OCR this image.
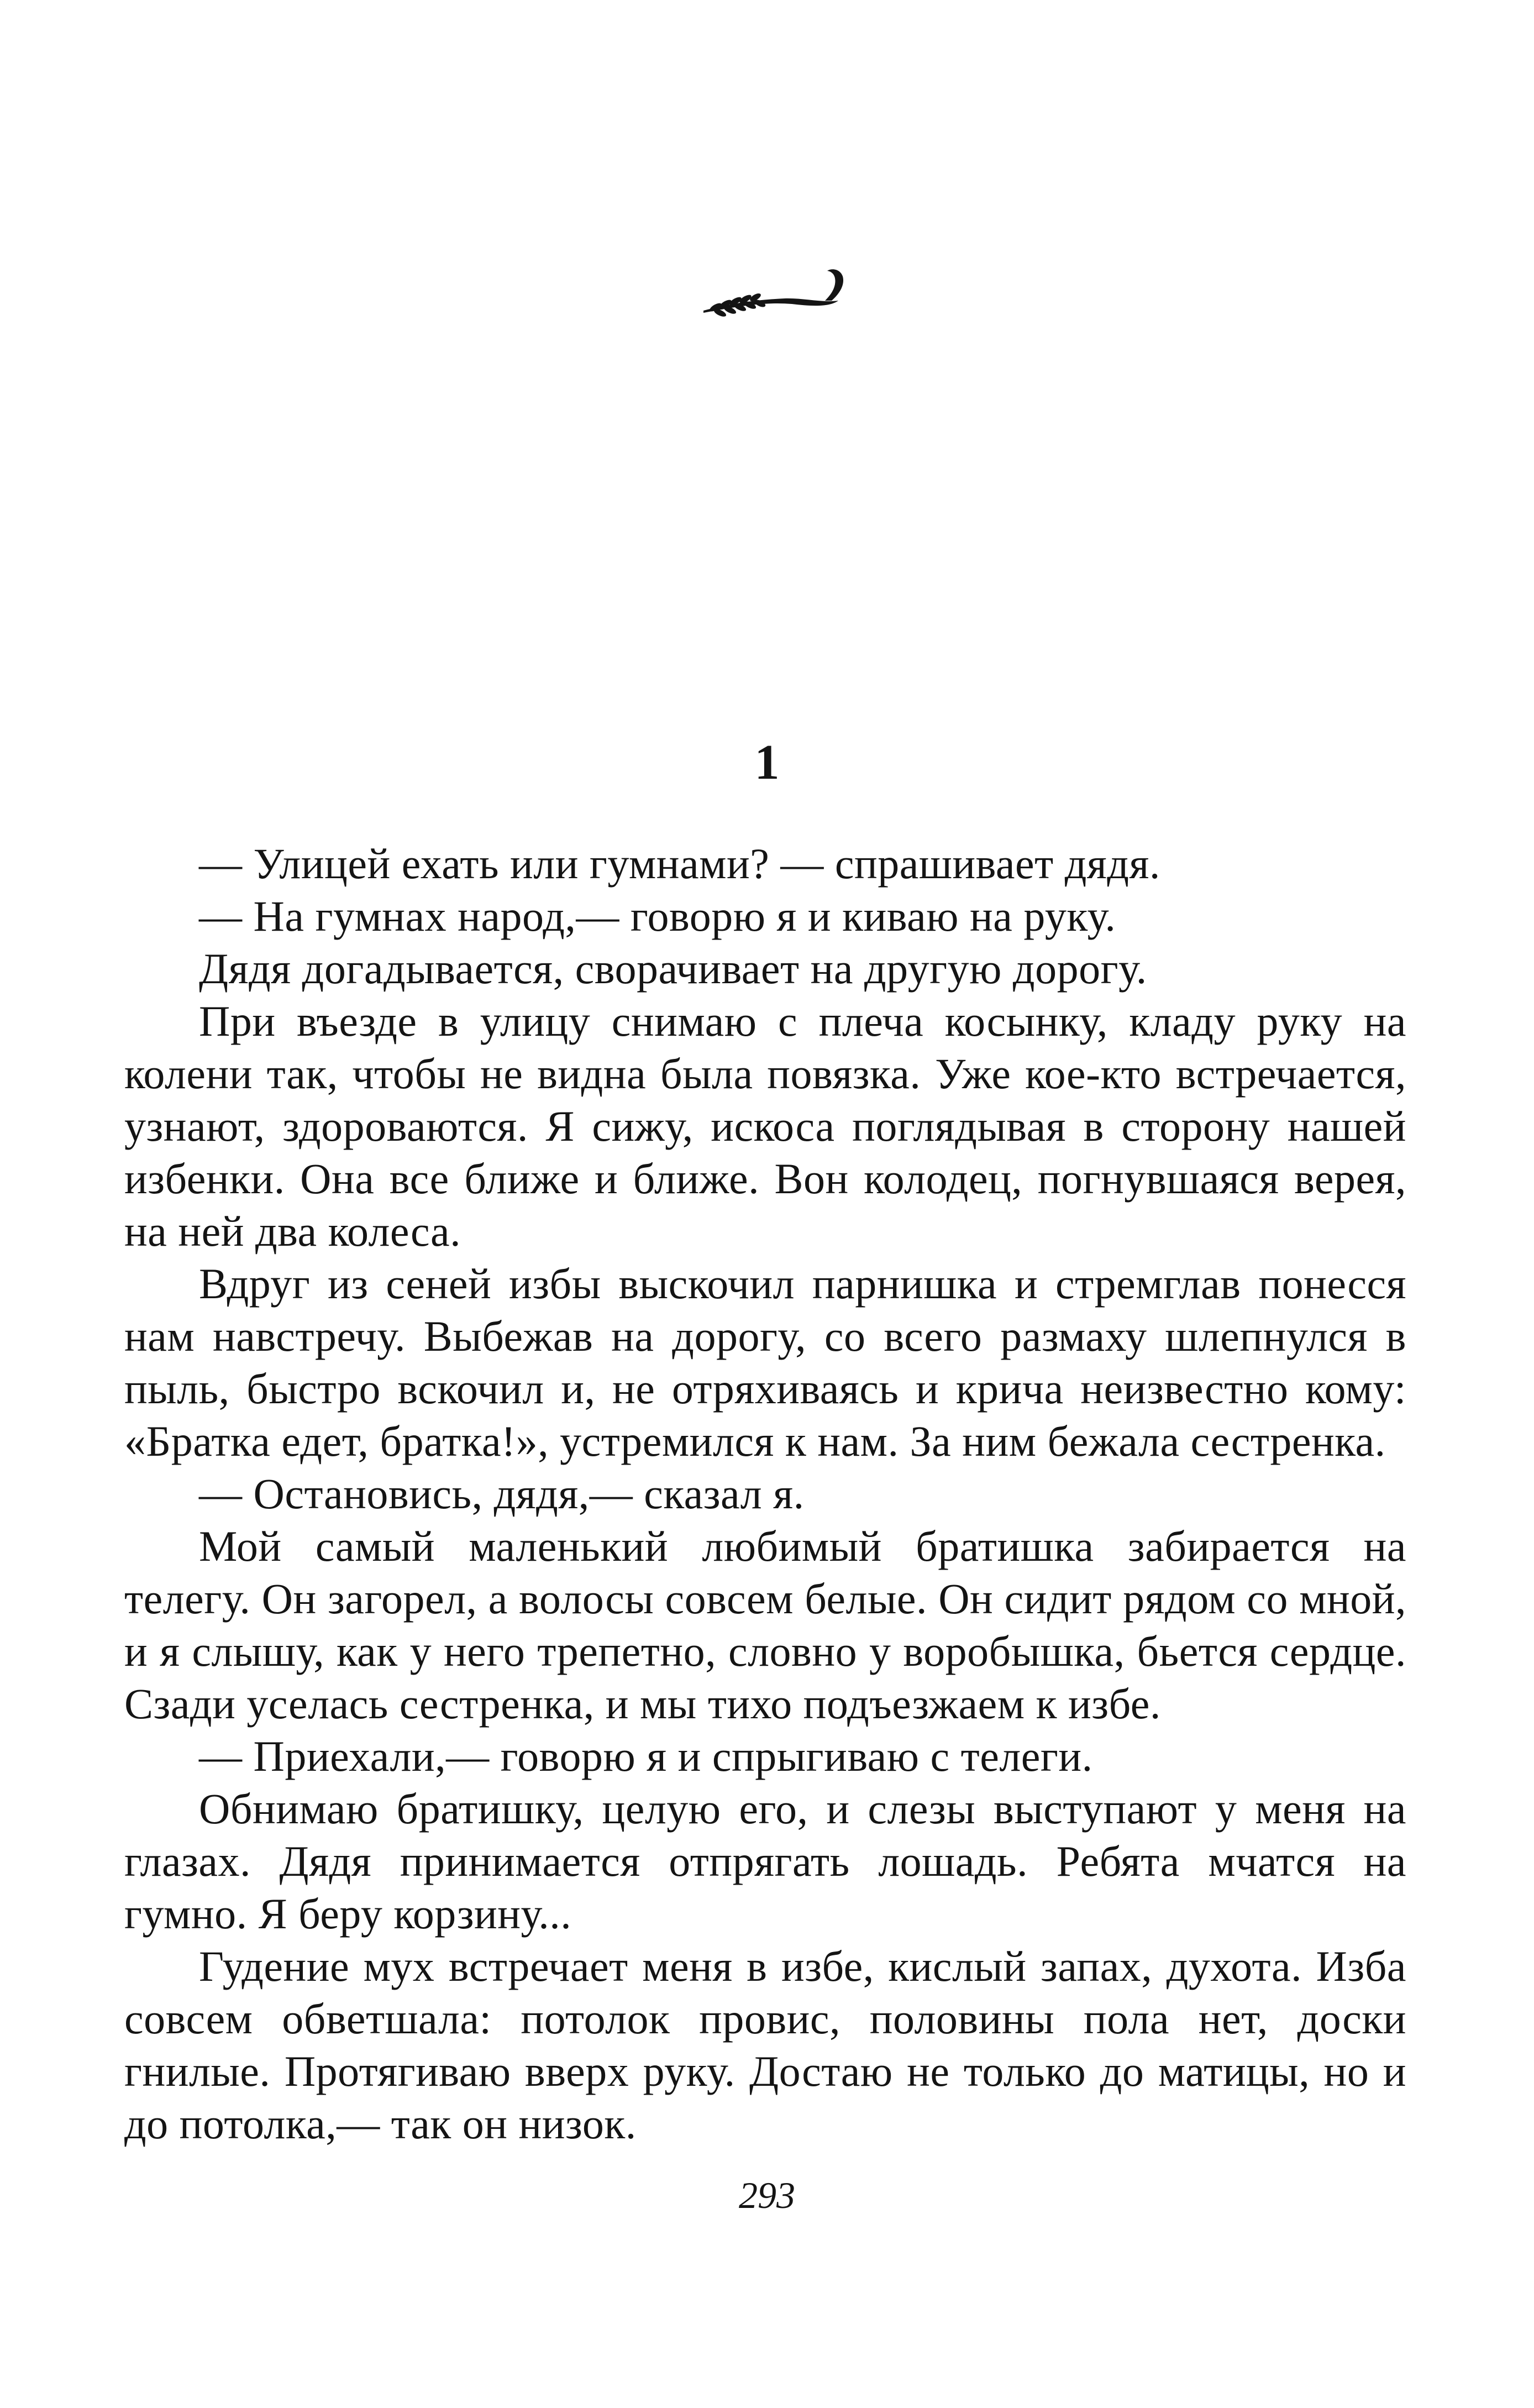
1

— Улицей ехать или гумнами? — спрашивает дядя.

— На гумнах народ,— говорю я и киваю на руку.

Дядя догадывается, сворачивает на другую дорогу.

При въезде в улицу снимаю с плеча косынку, кладу руку на колени так, чтобы не видна была повязка. Уже кое-кто встречается, узнают, здороваются. Я сижу, искоса поглядывая в сторону нашей избенки. Она все ближе и ближе. Вон колодец, погнувшаяся верея, на ней два колеса.

Вдруг из сеней избы выскочил парнишка и стремглав понесся нам навстречу. Выбежав на дорогу, со всего размаху шлепнулся в пыль, быстро вскочил и, не отряхиваясь и крича неизвестно кому: «Братка едет, братка!», устремился к нам. За ним бежала сестренка.

— Остановись, дядя,— сказал я.

Мой самый маленький любимый братишка забирается на телегу. Он загорел, а волосы совсем белые. Он сидит рядом со мной, и я слышу, как у него трепетно, словно у воробышка, бьется сердце. Сзади уселась сестренка, и мы тихо подъезжаем к избе.

— Приехали,— говорю я и спрыгиваю с телеги.

Обнимаю братишку, целую его, и слезы выступают у меня на глазах. Дядя принимается отпрягать лошадь. Ребята мчатся на гумно. Я беру корзину...

Гудение мух встречает меня в избе, кислый запах, духота. Изба совсем обветшала: потолок провис, половины пола нет, доски гнилые. Протягиваю вверх руку. Достаю не только до матицы, но и до потолка,— так он низок.

293
